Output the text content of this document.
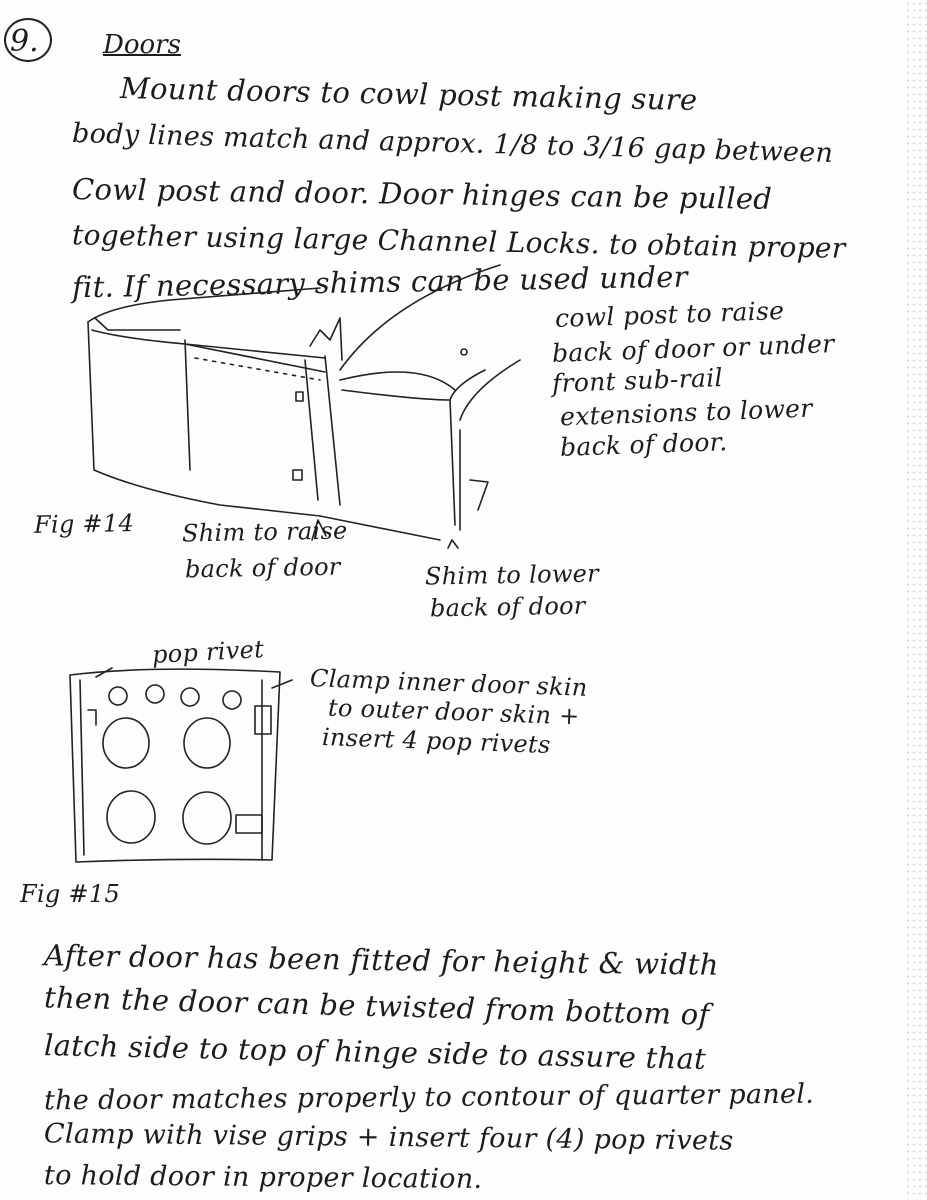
9. Doors
Mount doors to cowl post making sure
body lines match and approx. 1/8 to 3/16 gap between
Cowl post and door. Door hinges can be pulled
together using large Channel Locks. to obtain proper
fit. If necessary shims can be used under
cowl post to raise
back of door or under
front sub-rail
extensions to lower
back of door.
Fig #14 Shim to raise
back of door	Shim to lower
back of door
pop rivet
Clamp inner door skin
to outer door skin +
insert 4 pop rivets
Fig #15
After door has been fitted for height & width
then the door can be twisted from bottom of
latch side to top of hinge side to assure that
the door matches properly to contour of quarter panel.
Clamp with vise grips + insert four (4) pop rivets
to hold door in proper location.
